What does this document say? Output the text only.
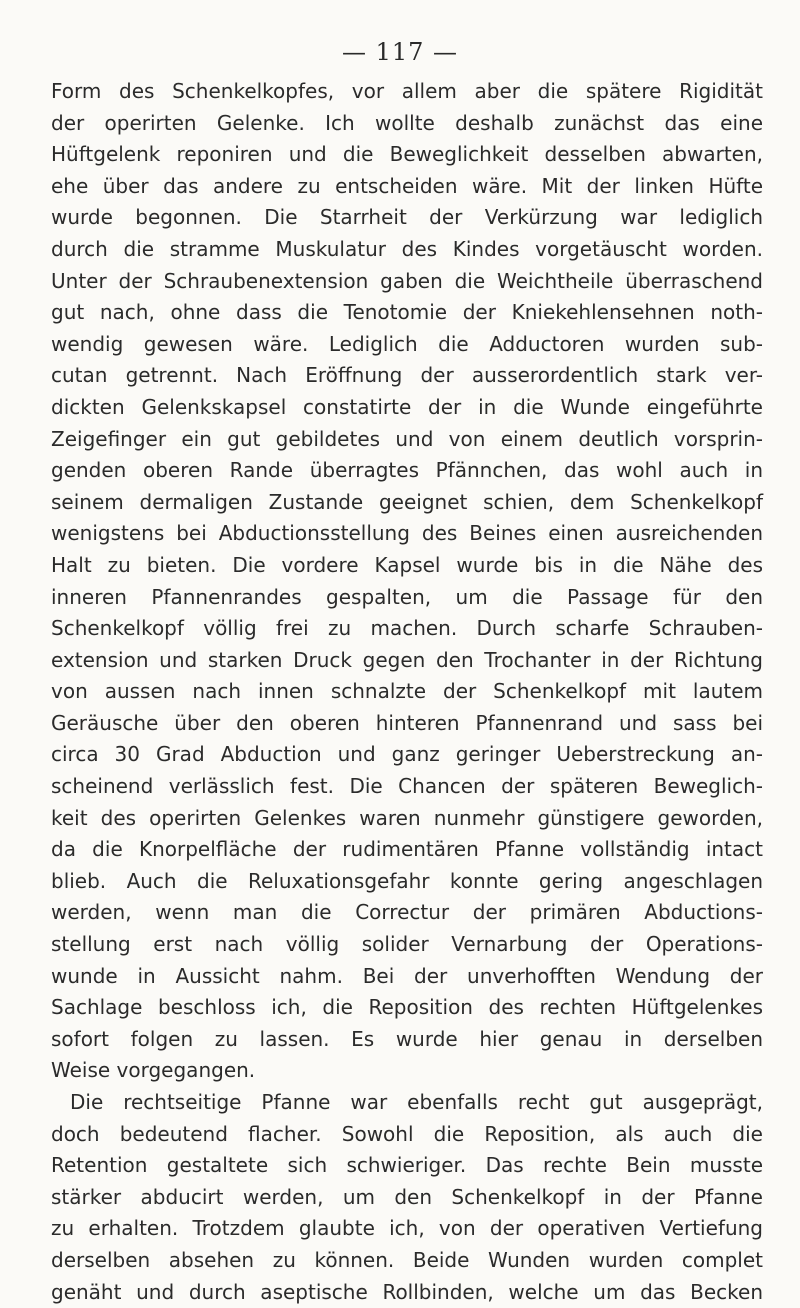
— 117 —
Form des Schenkelkopfes, vor allem aber die spätere Rigidität
der operirten Gelenke. Ich wollte deshalb zunächst das eine
Hüftgelenk reponiren und die Beweglichkeit desselben abwarten,
ehe über das andere zu entscheiden wäre. Mit der linken Hüfte
wurde begonnen. Die Starrheit der Verkürzung war lediglich
durch die stramme Muskulatur des Kindes vorgetäuscht worden.
Unter der Schraubenextension gaben die Weichtheile überraschend
gut nach, ohne dass die Tenotomie der Kniekehlensehnen noth-
wendig gewesen wäre. Lediglich die Adductoren wurden sub-
cutan getrennt. Nach Eröffnung der ausserordentlich stark ver-
dickten Gelenkskapsel constatirte der in die Wunde eingeführte
Zeigefinger ein gut gebildetes und von einem deutlich vorsprin-
genden oberen Rande überragtes Pfännchen, das wohl auch in
seinem dermaligen Zustande geeignet schien, dem Schenkelkopf
wenigstens bei Abductionsstellung des Beines einen ausreichenden
Halt zu bieten. Die vordere Kapsel wurde bis in die Nähe des
inneren Pfannenrandes gespalten, um die Passage für den
Schenkelkopf völlig frei zu machen. Durch scharfe Schrauben-
extension und starken Druck gegen den Trochanter in der Richtung
von aussen nach innen schnalzte der Schenkelkopf mit lautem
Geräusche über den oberen hinteren Pfannenrand und sass bei
circa 30 Grad Abduction und ganz geringer Ueberstreckung an-
scheinend verlässlich fest. Die Chancen der späteren Beweglich-
keit des operirten Gelenkes waren nunmehr günstigere geworden,
da die Knorpelfläche der rudimentären Pfanne vollständig intact
blieb. Auch die Reluxationsgefahr konnte gering angeschlagen
werden, wenn man die Correctur der primären Abductions-
stellung erst nach völlig solider Vernarbung der Operations-
wunde in Aussicht nahm. Bei der unverhofften Wendung der
Sachlage beschloss ich, die Reposition des rechten Hüftgelenkes
sofort folgen zu lassen. Es wurde hier genau in derselben
Weise vorgegangen.
Die rechtseitige Pfanne war ebenfalls recht gut ausgeprägt,
doch bedeutend flacher. Sowohl die Reposition, als auch die
Retention gestaltete sich schwieriger. Das rechte Bein musste
stärker abducirt werden, um den Schenkelkopf in der Pfanne
zu erhalten. Trotzdem glaubte ich, von der operativen Vertiefung
derselben absehen zu können. Beide Wunden wurden complet
genäht und durch aseptische Rollbinden, welche um das Becken
